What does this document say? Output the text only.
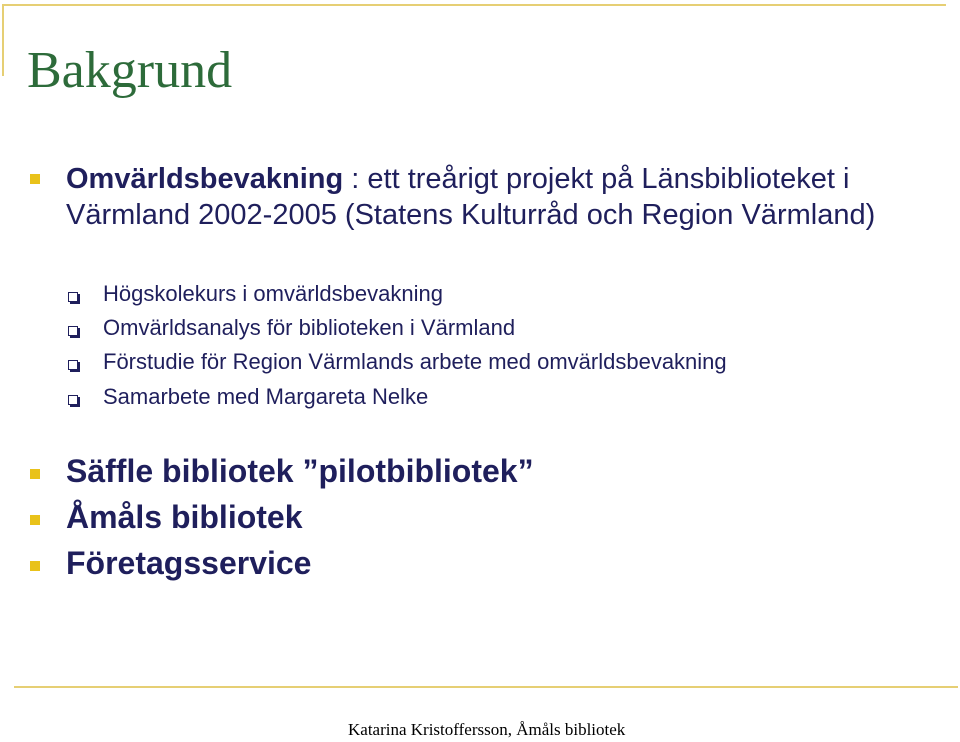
Bakgrund
Omvärldsbevakning : ett treårigt projekt på Länsbiblioteket i Värmland 2002-2005 (Statens Kulturråd och Region Värmland)
Högskolekurs i omvärldsbevakning
Omvärldsanalys för biblioteken i Värmland
Förstudie för Region Värmlands arbete med omvärldsbevakning
Samarbete med Margareta Nelke
Säffle bibliotek ”pilotbibliotek”
Åmåls bibliotek
Företagsservice
Katarina Kristoffersson, Åmåls bibliotek
